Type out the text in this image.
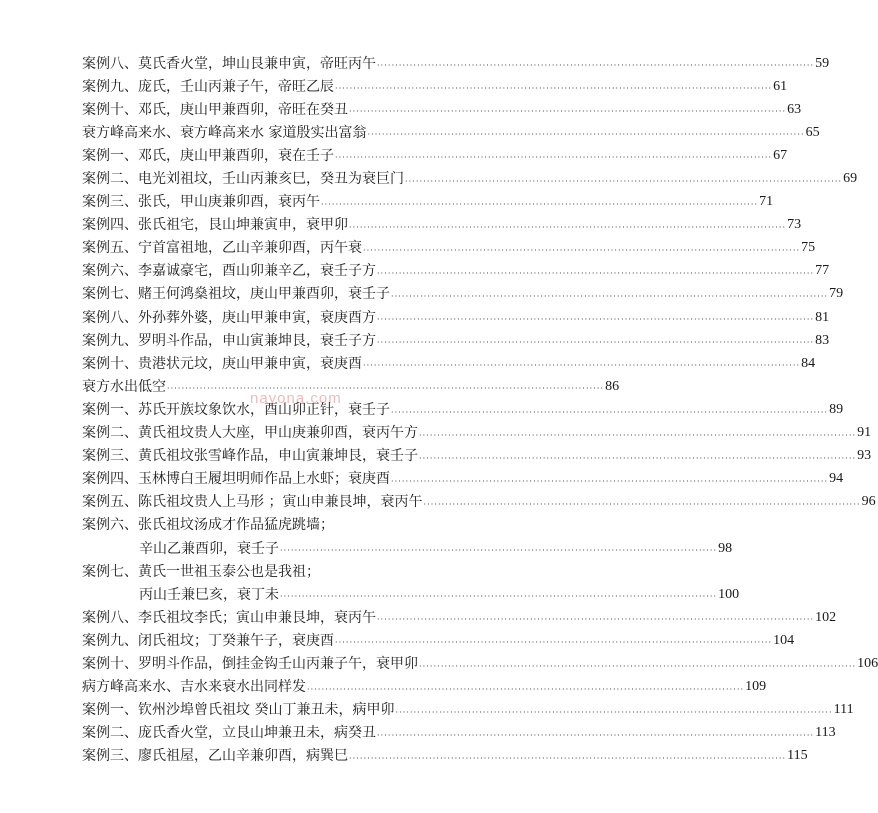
案例八、莫氏香火堂，坤山艮兼申寅，帝旺丙午 ························································································································ 59
案例九、庞氏，壬山丙兼子午，帝旺乙辰 ························································································································ 61
案例十、邓氏，庚山甲兼酉卯，帝旺在癸丑 ························································································································ 63
衰方峰高来水、衰方峰高来水 家道殷实出富翁 ························································································································ 65
案例一、邓氏，庚山甲兼酉卯，衰在壬子 ························································································································ 67
案例二、电光刘祖坟，壬山丙兼亥巳，癸丑为衰巨门 ························································································································ 69
案例三、张氏，甲山庚兼卯酉，衰丙午 ························································································································ 71
案例四、张氏祖宅，艮山坤兼寅申，衰甲卯 ························································································································ 73
案例五、宁首富祖地，乙山辛兼卯酉，丙午衰 ························································································································ 75
案例六、李嘉诚豪宅，酉山卯兼辛乙，衰壬子方 ························································································································ 77
案例七、赌王何鸿燊祖坟，庚山甲兼酉卯，衰壬子 ························································································································ 79
案例八、外孙葬外婆，庚山甲兼申寅，衰庚酉方 ························································································································ 81
案例九、罗明斗作品，申山寅兼坤艮，衰壬子方 ························································································································ 83
案例十、贵港状元坟，庚山甲兼申寅，衰庚酉 ························································································································ 84
衰方水出低空 ························································································································ 86
案例一、苏氏开族坟象饮水，酉山卯正针，衰壬子 ························································································································ 89
案例二、黄氏祖坟贵人大座，甲山庚兼卯酉，衰丙午方 ························································································································ 91
案例三、黄氏祖坟张雪峰作品，申山寅兼坤艮，衰壬子 ························································································································ 93
案例四、玉林博白王履坦明师作品上水虾；衰庚酉 ························································································································ 94
案例五、陈氏祖坟贵人上马形 ；寅山申兼艮坤，衰丙午 ························································································································ 96
案例六、张氏祖坟汤成才作品猛虎跳墙；
辛山乙兼酉卯，衰壬子 ························································································································ 98
案例七、黄氏一世祖玉泰公也是我祖；
丙山壬兼巳亥，衰丁未 ························································································································ 100
案例八、李氏祖坟李氏；寅山申兼艮坤，衰丙午 ························································································································ 102
案例九、闭氏祖坟；丁癸兼午子，衰庚酉 ························································································································ 104
案例十、罗明斗作品，倒挂金钩壬山丙兼子午，衰甲卯 ························································································································ 106
病方峰高来水、吉水来衰水出同样发 ························································································································ 109
案例一、钦州沙埠曾氏祖坟 癸山丁兼丑未，病甲卯 ························································································································ 111
案例二、庞氏香火堂，立艮山坤兼丑未，病癸丑 ························································································································ 113
案例三、廖氏祖屋，乙山辛兼卯酉，病巽巳 ························································································································ 115
nayona.com
